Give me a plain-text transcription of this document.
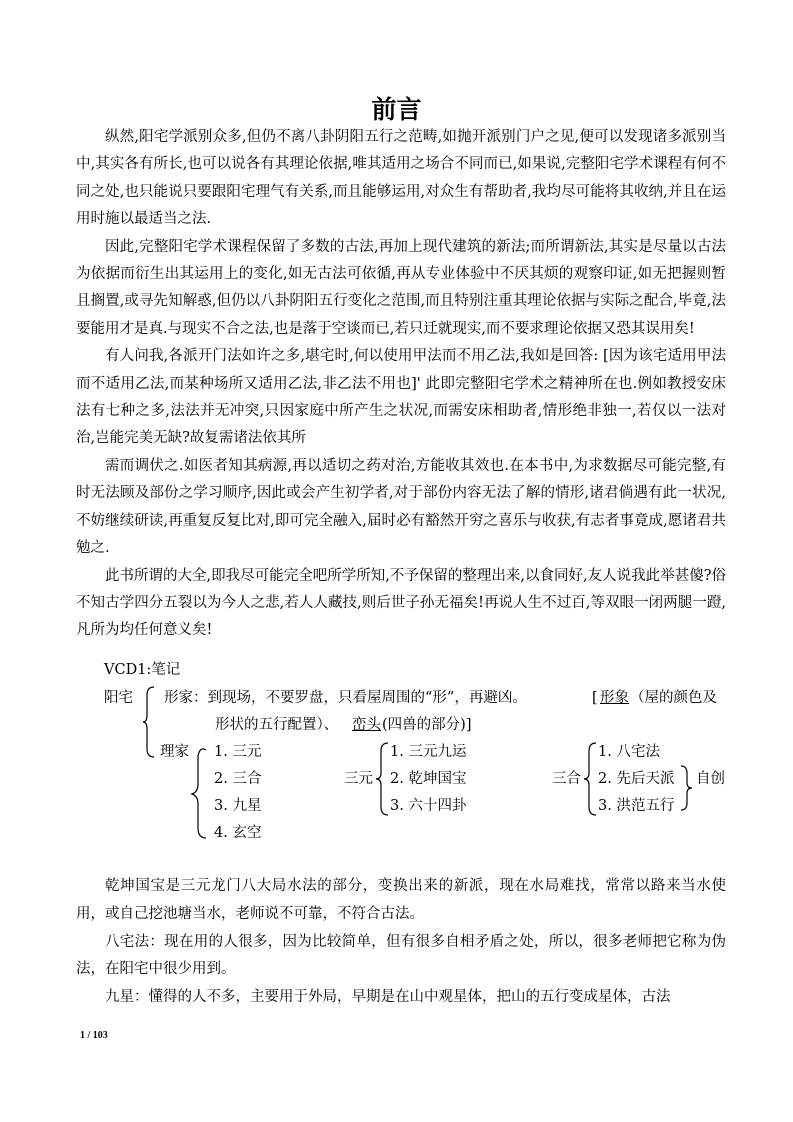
前言

纵然,阳宅学派别众多,但仍不离八卦阴阳五行之范畴,如抛开派别门户之见,便可以发现诸多派别当中,其实各有所长,也可以说各有其理论依据,唯其适用之场合不同而已,如果说,完整阳宅学术课程有何不同之处,也只能说只要跟阳宅理气有关系,而且能够运用,对众生有帮助者,我均尽可能将其收纳,并且在运用时施以最适当之法.

因此,完整阳宅学术课程保留了多数的古法,再加上现代建筑的新法;而所谓新法,其实是尽量以古法为依据而衍生出其运用上的变化,如无古法可依循,再从专业体验中不厌其烦的观察印证,如无把握则暂且搁置,或寻先知解惑,但仍以八卦阴阳五行变化之范围,而且特别注重其理论依据与实际之配合,毕竟,法要能用才是真.与现实不合之法,也是落于空谈而已,若只迁就现实,而不要求理论依据又恐其误用矣!

有人问我,各派开门法如许之多,堪宅时,何以使用甲法而不用乙法,我如是回答: [因为该宅适用甲法而不适用乙法,而某种场所又适用乙法,非乙法不用也]' 此即完整阳宅学术之精神所在也.例如教授安床法有七种之多,法法并无冲突,只因家庭中所产生之状况,而需安床相助者,情形绝非独一,若仅以一法对治,岂能完美无缺?故复需诸法依其所

需而调伏之.如医者知其病源,再以适切之药对治,方能收其效也.在本书中,为求数据尽可能完整,有时无法顾及部份之学习顺序,因此或会产生初学者,对于部份内容无法了解的情形,诸君倘遇有此一状况,不妨继续研读,再重复反复比对,即可完全融入,届时必有豁然开穷之喜乐与收获,有志者事竟成,愿诸君共勉之.

此书所谓的大全,即我尽可能完全吧所学所知,不予保留的整理出来,以食同好,友人说我此举甚傻?俗不知古学四分五裂以为今人之悲,若人人藏技,则后世子孙无福矣!再说人生不过百,等双眼一闭两腿一蹬,凡所为均任何意义矣!

VCD1:笔记
阳宅 形家：到现场，不要罗盘，只看屋周围的“形”，再避凶。	[ 形象 （屋的颜色及
形状的五行配置）、 峦头 (四兽的部分)]
理家 1. 三元
2. 三合
3. 九星
4. 玄空
三元
1. 三元九运
2. 乾坤国宝
3. 六十四卦
三合
1. 八宅法
2. 先后天派
3. 洪范五行
自创

乾坤国宝是三元龙门八大局水法的部分，变换出来的新派，现在水局难找，常常以路来当水使用，或自己挖池塘当水，老师说不可靠，不符合古法。

八宅法：现在用的人很多，因为比较简单，但有很多自相矛盾之处，所以，很多老师把它称为伪法，在阳宅中很少用到。

九星：懂得的人不多，主要用于外局，早期是在山中观星体，把山的五行变成星体，古法

1 / 103
